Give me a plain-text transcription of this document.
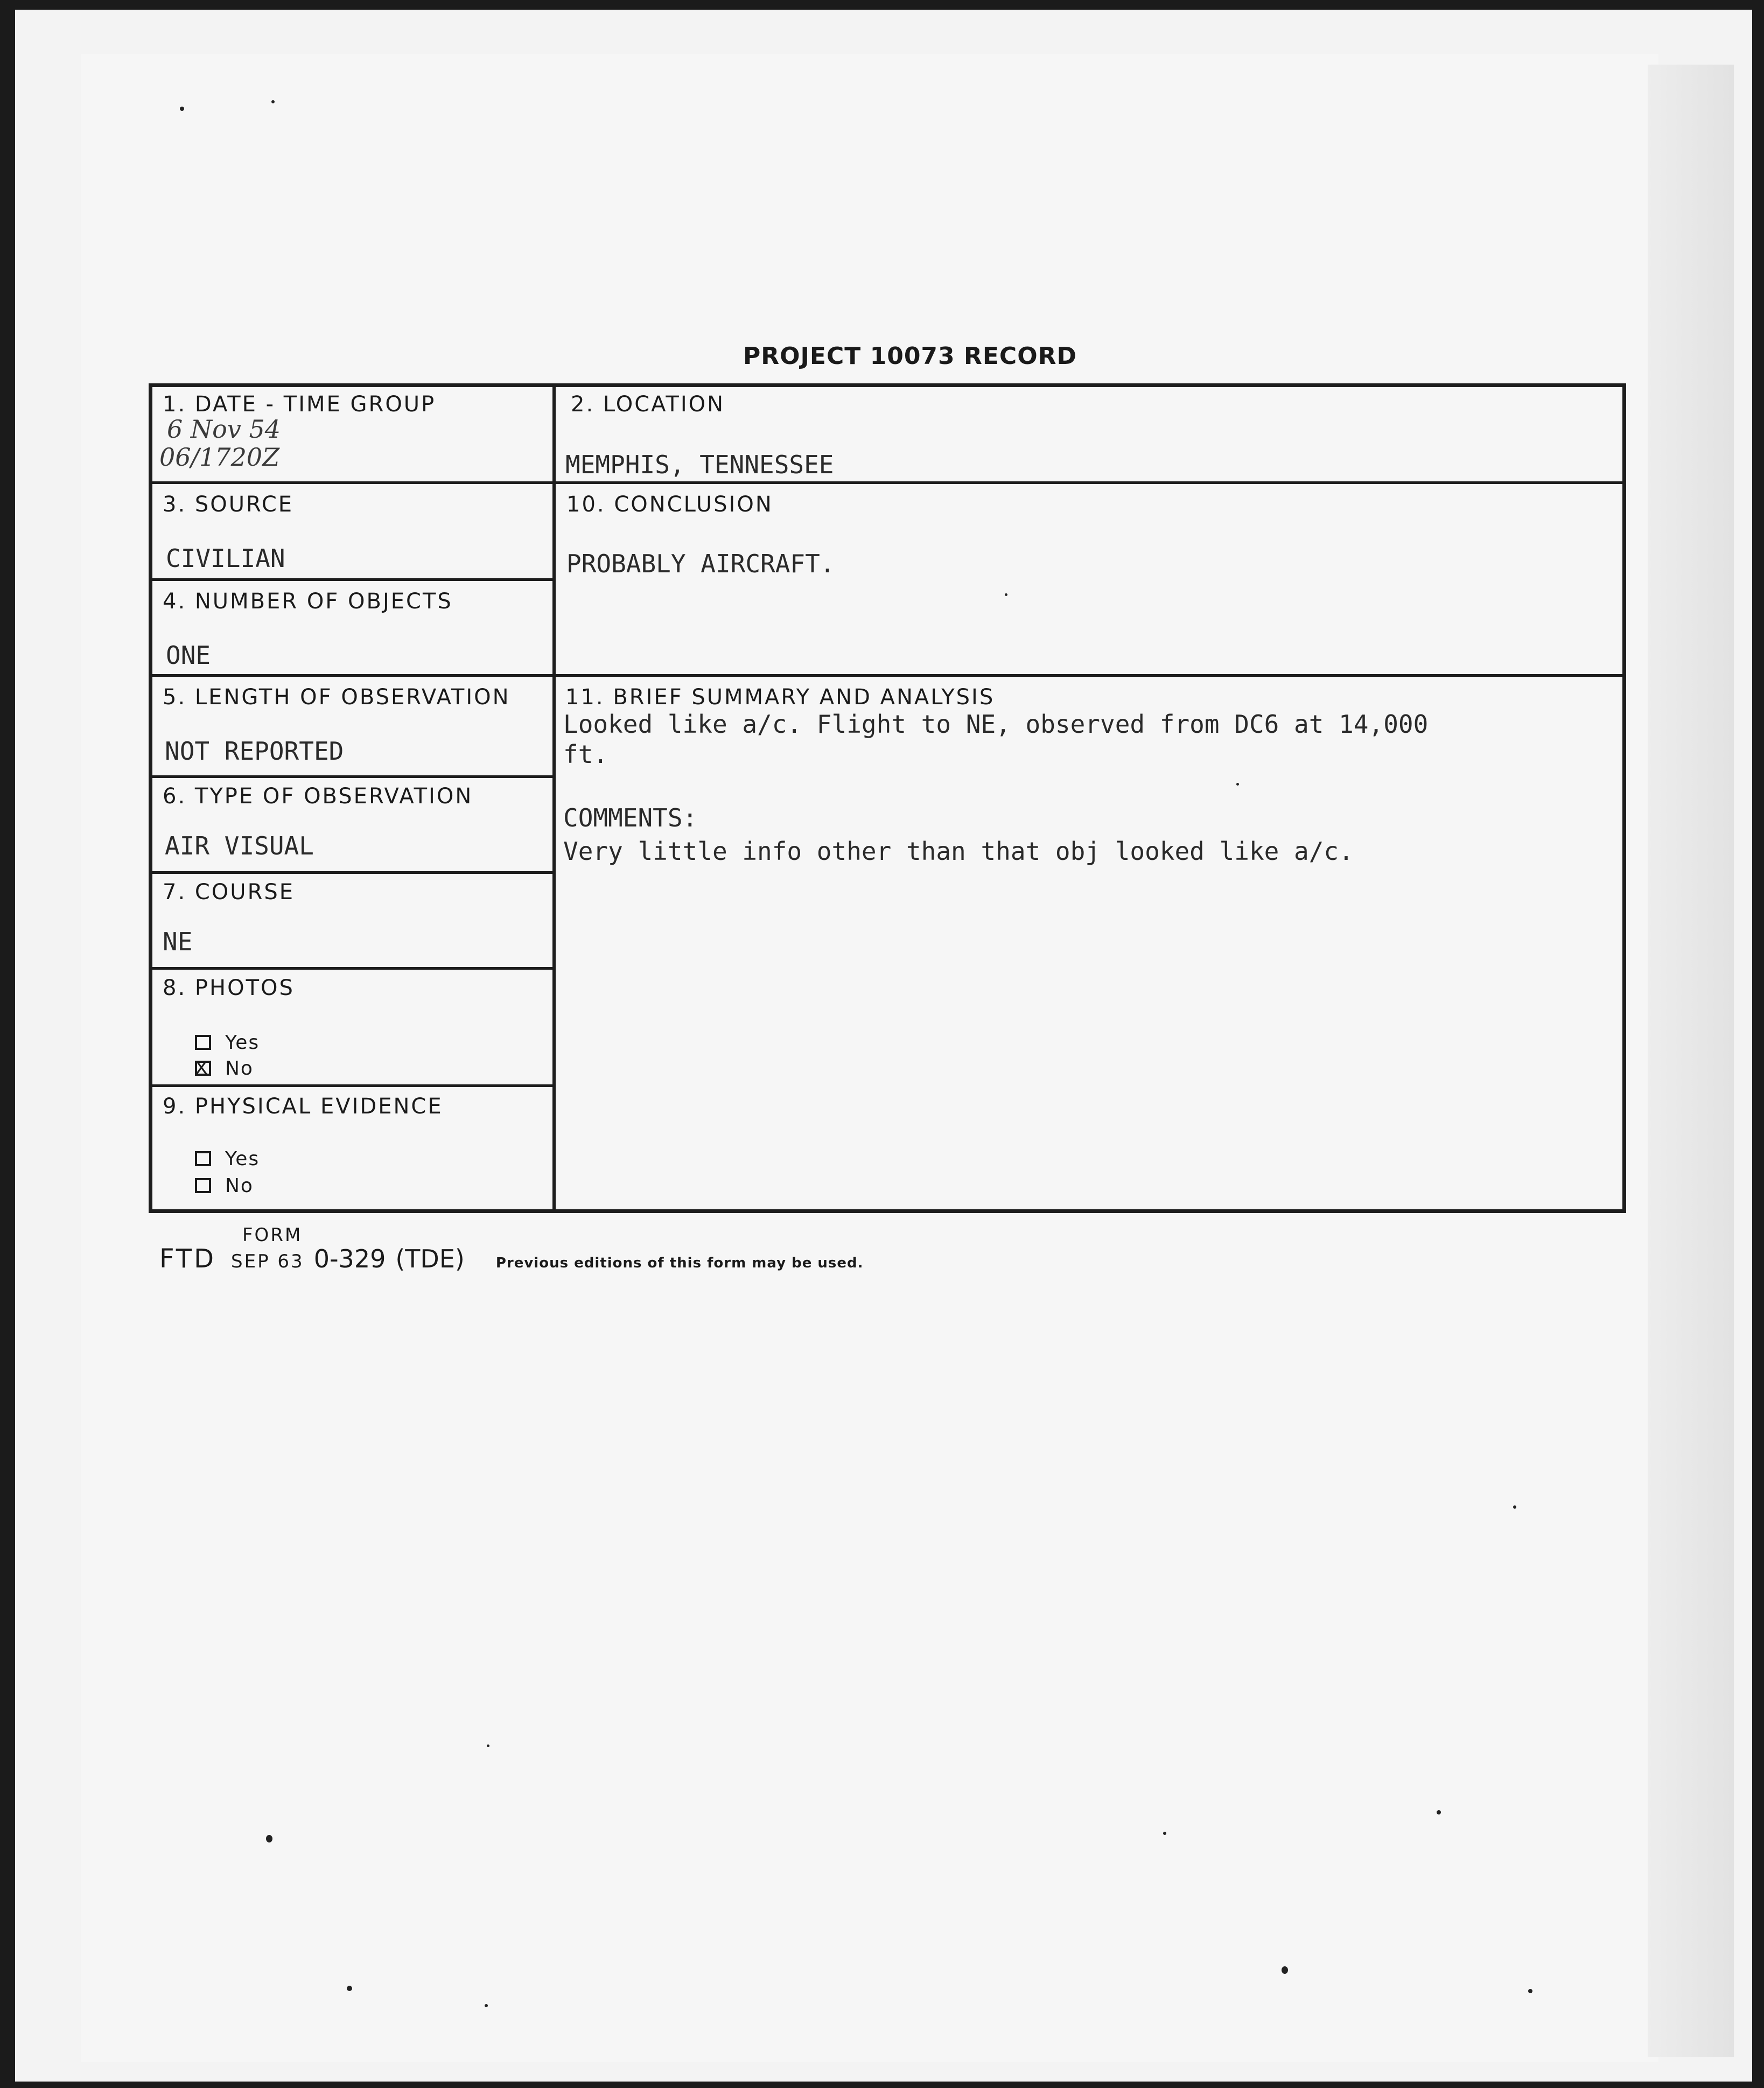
PROJECT 10073 RECORD
1. DATE - TIME GROUP
6 Nov 54
06/1720Z
2. LOCATION
MEMPHIS, TENNESSEE
3. SOURCE
CIVILIAN
10. CONCLUSION
PROBABLY AIRCRAFT.
4. NUMBER OF OBJECTS
ONE
5. LENGTH OF OBSERVATION
NOT REPORTED
11. BRIEF SUMMARY AND ANALYSIS
Looked like a/c. Flight to NE, observed from DC6 at 14,000
ft.
COMMENTS:
Very little info other than that obj looked like a/c.
6. TYPE OF OBSERVATION
AIR VISUAL
7. COURSE
NE
8. PHOTOS
Yes
xNo
9. PHYSICAL EVIDENCE
Yes
No
FORM
FTD SEP 63 0-329 (TDE) Previous editions of this form may be used.
